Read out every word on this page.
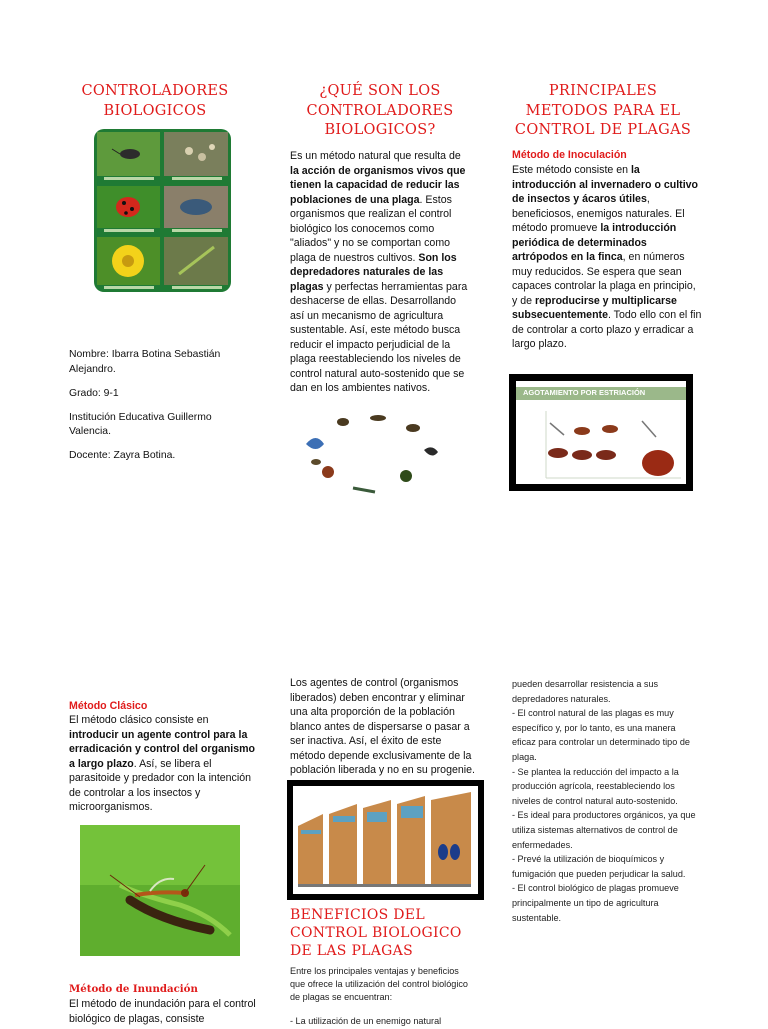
CONTROLADORES BIOLOGICOS

Nombre: Ibarra Botina Sebastián Alejandro.

Grado: 9-1

Institución Educativa Guillermo Valencia.

Docente: Zayra Botina.

¿QUÉ SON LOS CONTROLADORES BIOLOGICOS?
Es un método natural que resulta de la acción de organismos vivos que tienen la capacidad de reducir las poblaciones de una plaga. Estos organismos que realizan el control biológico los conocemos como "aliados" y no se comportan como plaga de nuestros cultivos. Son los depredadores naturales de las plagas y perfectas herramientas para deshacerse de ellas. Desarrollando así un mecanismo de agricultura sustentable. Así, este método busca reducir el impacto perjudicial de la plaga reestableciendo los niveles de control natural auto-sostenido que se dan en los ambientes nativos.
PRINCIPALES METODOS PARA EL CONTROL DE PLAGAS
Método de Inoculación
Este método consiste en la introducción al invernadero o cultivo de insectos y ácaros útiles, beneficiosos, enemigos naturales. El método promueve la introducción periódica de determinados artrópodos en la finca, en números muy reducidos. Se espera que sean capaces controlar la plaga en principio, y de reproducirse y multiplicarse subsecuentemente. Todo ello con el fin de controlar a corto plazo y erradicar a largo plazo.
AGOTAMIENTO POR ESTRIACIÓN
Método Clásico
El método clásico consiste en introducir un agente control para la erradicación y control del organismo a largo plazo. Así, se libera el parasitoide y predador con la intención de controlar a los insectos y microorganismos.
Método de Inundación
El método de inundación para el control biológico de plagas, consiste
Los agentes de control (organismos liberados) deben encontrar y eliminar una alta proporción de la población blanco antes de dispersarse o pasar a ser inactiva. Así, el éxito de este método depende exclusivamente de la población liberada y no en su progenie.
BENEFICIOS DEL CONTROL BIOLOGICO DE LAS PLAGAS
Entre los principales ventajas y beneficios que ofrece la utilización del control biológico de plagas se encuentran:
- La utilización de un enemigo natural
pueden desarrollar resistencia a sus depredadores naturales.
- El control natural de las plagas es muy específico y, por lo tanto, es una manera eficaz para controlar un determinado tipo de plaga.
- Se plantea la reducción del impacto a la producción agrícola, reestableciendo los niveles de control natural auto-sostenido.
- Es ideal para productores orgánicos, ya que utiliza sistemas alternativos de control de enfermedades.
- Prevé la utilización de bioquímicos y fumigación que pueden perjudicar la salud.
- El control biológico de plagas promueve principalmente un tipo de agricultura sustentable.
